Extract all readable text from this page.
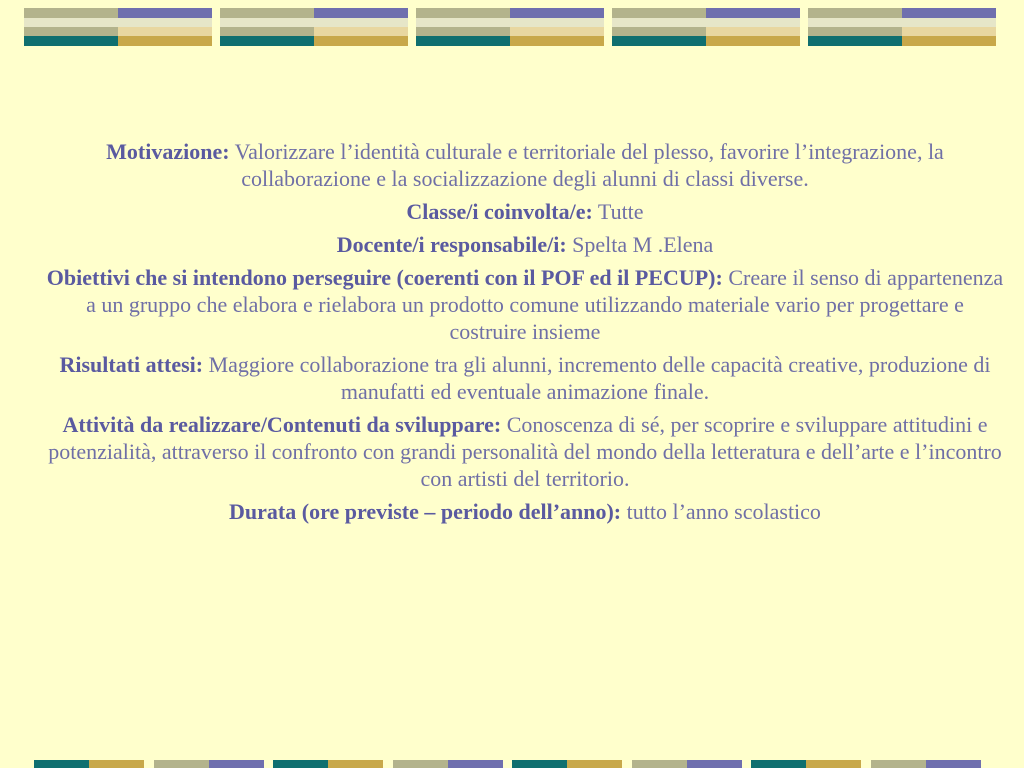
Motivazione: Valorizzare l’identità culturale e territoriale del plesso, favorire l’integrazione, la collaborazione e la socializzazione degli alunni di classi diverse.

Classe/i coinvolta/e: Tutte

Docente/i responsabile/i: Spelta M .Elena

Obiettivi che si intendono perseguire (coerenti con il POF ed il PECUP): Creare il senso di appartenenza a un gruppo che elabora e rielabora un prodotto comune utilizzando materiale vario per progettare e costruire insieme

Risultati attesi: Maggiore collaborazione tra gli alunni, incremento delle capacità creative, produzione di manufatti ed eventuale animazione finale.

Attività da realizzare/Contenuti da sviluppare: Conoscenza di sé, per scoprire e sviluppare attitudini e potenzialità, attraverso il confronto con grandi personalità del mondo della letteratura e dell’arte e l’incontro con artisti del territorio.

Durata (ore previste – periodo dell’anno): tutto l’anno scolastico
